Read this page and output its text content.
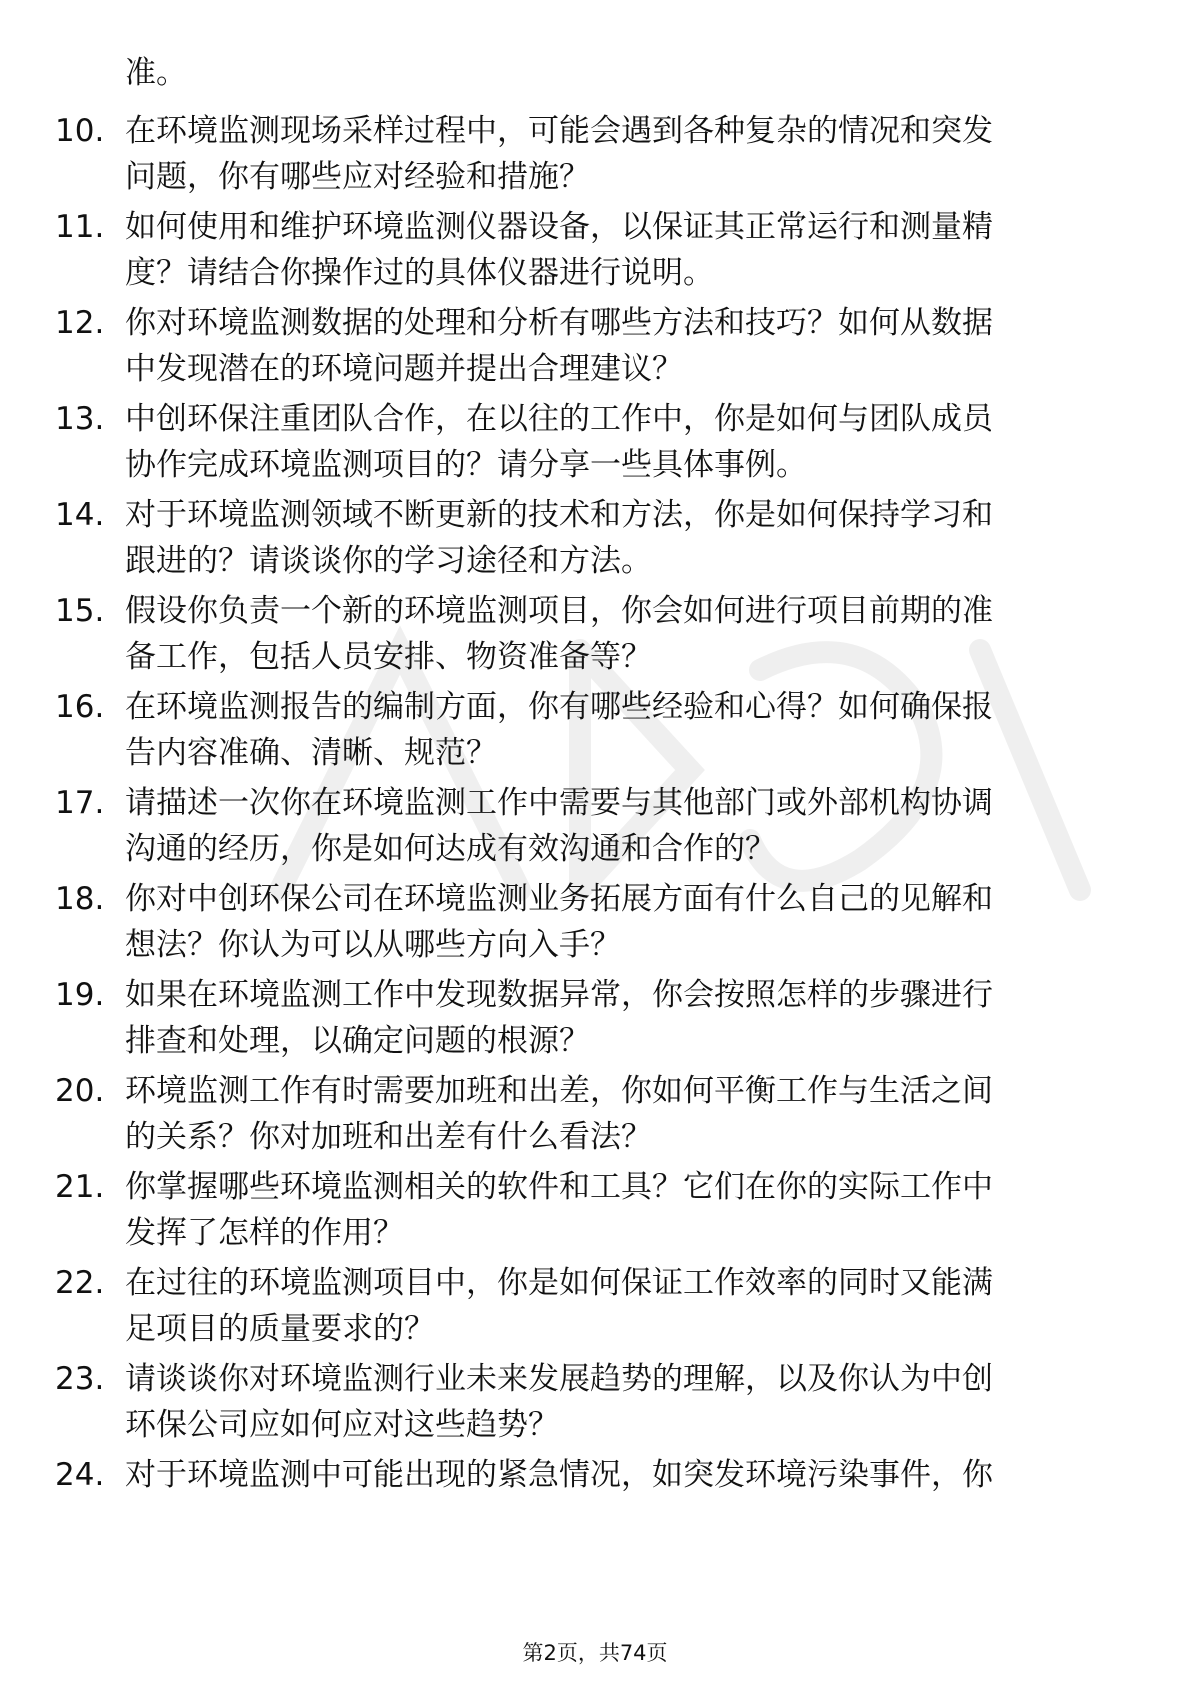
准。
10. 在环境监测现场采样过程中，可能会遇到各种复杂的情况和突发
问题，你有哪些应对经验和措施？
11. 如何使用和维护环境监测仪器设备，以保证其正常运行和测量精
度？请结合你操作过的具体仪器进行说明。
12. 你对环境监测数据的处理和分析有哪些方法和技巧？如何从数据
中发现潜在的环境问题并提出合理建议？
13. 中创环保注重团队合作，在以往的工作中，你是如何与团队成员
协作完成环境监测项目的？请分享一些具体事例。
14. 对于环境监测领域不断更新的技术和方法，你是如何保持学习和
跟进的？请谈谈你的学习途径和方法。
15. 假设你负责一个新的环境监测项目，你会如何进行项目前期的准
备工作，包括人员安排、物资准备等？
16. 在环境监测报告的编制方面，你有哪些经验和心得？如何确保报
告内容准确、清晰、规范？
17. 请描述一次你在环境监测工作中需要与其他部门或外部机构协调
沟通的经历，你是如何达成有效沟通和合作的？
18. 你对中创环保公司在环境监测业务拓展方面有什么自己的见解和
想法？你认为可以从哪些方向入手？
19. 如果在环境监测工作中发现数据异常，你会按照怎样的步骤进行
排查和处理，以确定问题的根源？
20. 环境监测工作有时需要加班和出差，你如何平衡工作与生活之间
的关系？你对加班和出差有什么看法？
21. 你掌握哪些环境监测相关的软件和工具？它们在你的实际工作中
发挥了怎样的作用？
22. 在过往的环境监测项目中，你是如何保证工作效率的同时又能满
足项目的质量要求的？
23. 请谈谈你对环境监测行业未来发展趋势的理解，以及你认为中创
环保公司应如何应对这些趋势？
24. 对于环境监测中可能出现的紧急情况，如突发环境污染事件，你
第2页，共74页
